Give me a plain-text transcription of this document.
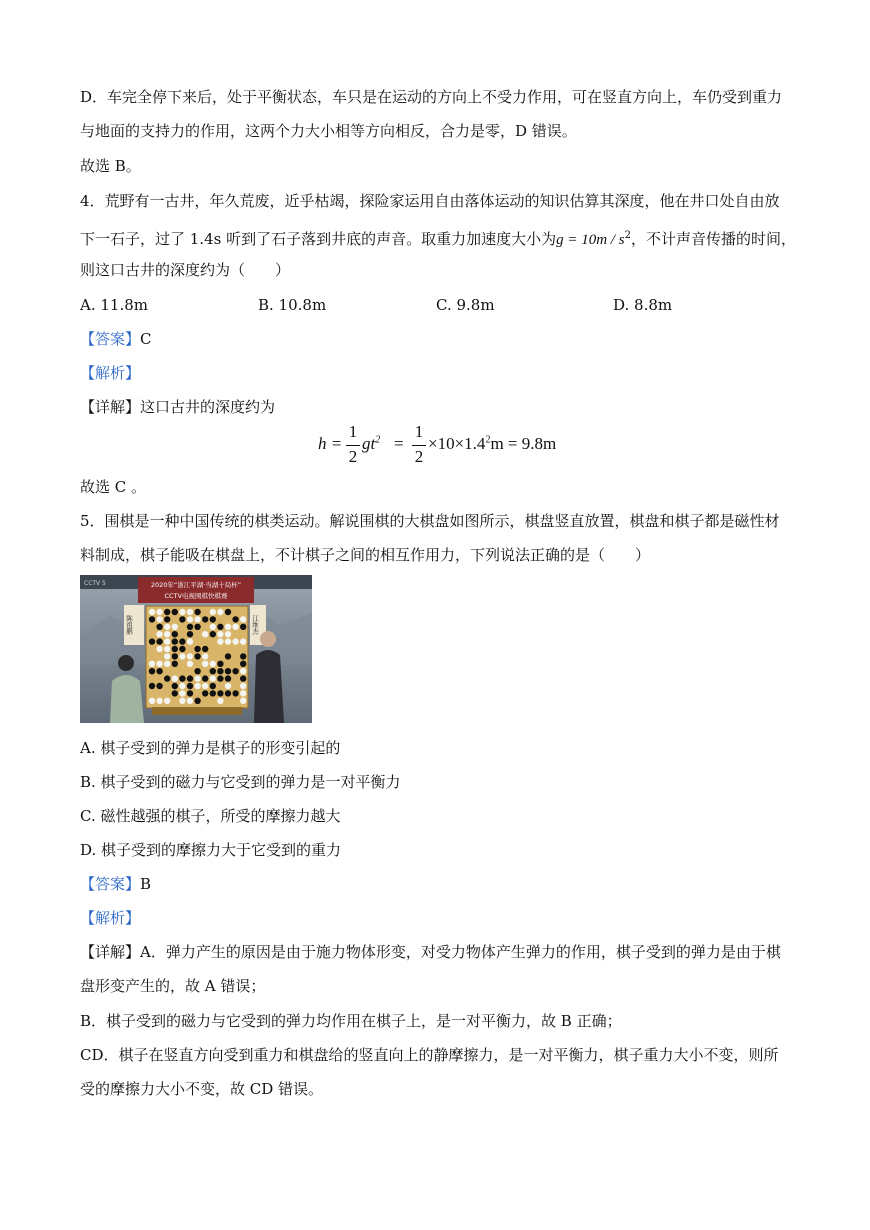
D．车完全停下来后，处于平衡状态，车只是在运动的方向上不受力作用，可在竖直方向上，车仍受到重力
与地面的支持力的作用，这两个力大小相等方向相反，合力是零，D 错误。
故选 B。
4．荒野有一古井，年久荒废，近乎枯竭，探险家运用自由落体运动的知识估算其深度，他在井口处自由放
下一石子，过了 1.4s 听到了石子落到井底的声音。取重力加速度大小为$g = 10m / s^2$，不计声音传播的时间，
则这口古井的深度约为（　　）
A. 11.8m	B. 10.8m	C. 9.8m	D. 8.8m
【答案】C
【解析】
【详解】这口古井的深度约为
h =
1
2
$gt^2$ =
1
2
$\times 10\times 1.4^2m = 9.8m$
故选 C 。
5．围棋是一种中国传统的棋类运动。解说围棋的大棋盘如图所示，棋盘竖直放置，棋盘和棋子都是磁性材
料制成，棋子能吸在棋盘上，不计棋子之间的相互作用力，下列说法正确的是（　　）
2020年“浙江平湖·当湖十局杯”
CCTV电视围棋快棋赛
CCTV 5
陈祖鹏	江维杰
A. 棋子受到的弹力是棋子的形变引起的
B. 棋子受到的磁力与它受到的弹力是一对平衡力
C. 磁性越强的棋子，所受的摩擦力越大
D. 棋子受到的摩擦力大于它受到的重力
【答案】B
【解析】
【详解】A．弹力产生的原因是由于施力物体形变，对受力物体产生弹力的作用，棋子受到的弹力是由于棋
盘形变产生的，故 A 错误；
B．棋子受到的磁力与它受到的弹力均作用在棋子上，是一对平衡力，故 B 正确；
CD．棋子在竖直方向受到重力和棋盘给的竖直向上的静摩擦力，是一对平衡力，棋子重力大小不变，则所
受的摩擦力大小不变，故 CD 错误。
